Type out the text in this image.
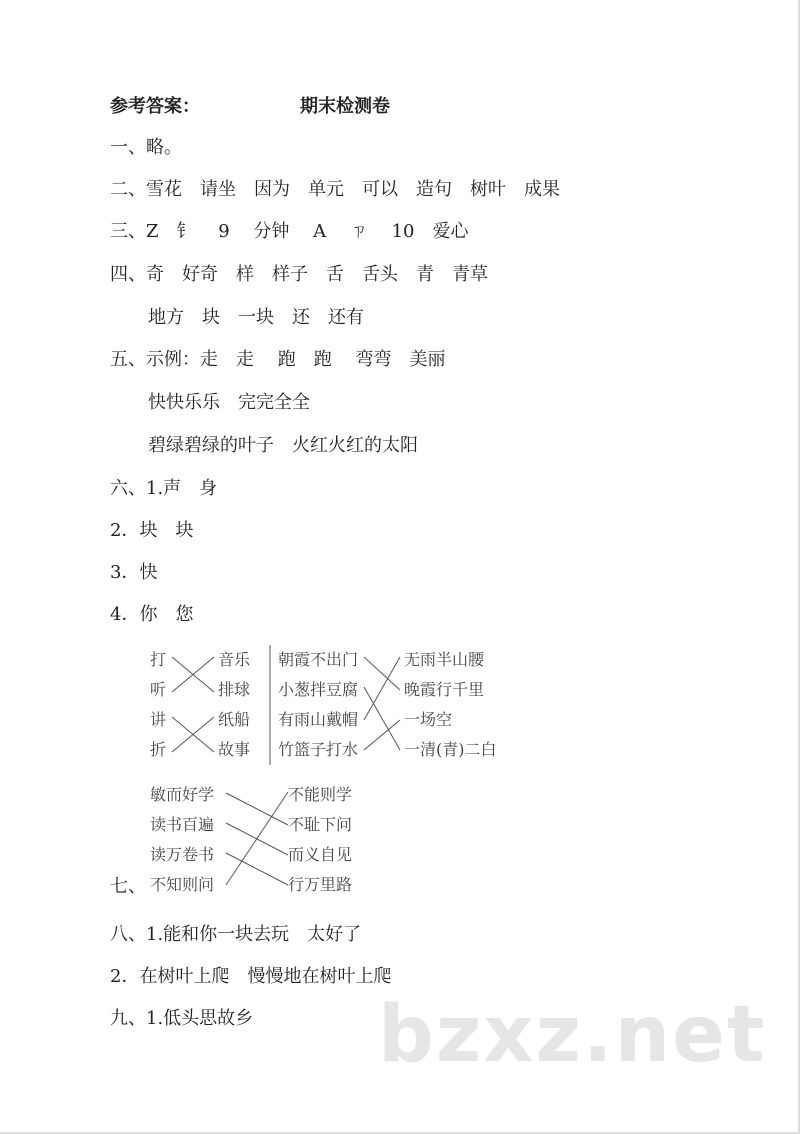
参考答案：	期末检测卷
一、略。
二、雪花　请坐　因为　单元　可以　造句　树叶　成果
三、Z　钅　 9　 分钟　 A　 ㄗ　 10　爱心
四、奇　好奇　样　样子　舌　舌头　青　青草
地方　块　一块　还　还有
五、示例：走　走　 跑　跑　 弯弯　美丽
快快乐乐　完完全全
碧绿碧绿的叶子　火红火红的太阳
六、1.声　身
2．块　块
3．快
4．你　您
七、
八、1.能和你一块去玩　太好了
2．在树叶上爬　慢慢地在树叶上爬
九、1.低头思故乡
打
听
讲
折
音乐
排球
纸船
故事
朝霞不出门
小葱拌豆腐
有雨山戴帽
竹篮子打水
无雨半山腰
晚霞行千里
一场空
一清(青)二白
敏而好学
读书百遍
读万卷书
不知则问
不能则学
不耻下问
而义自见
行万里路
bzxz.net
